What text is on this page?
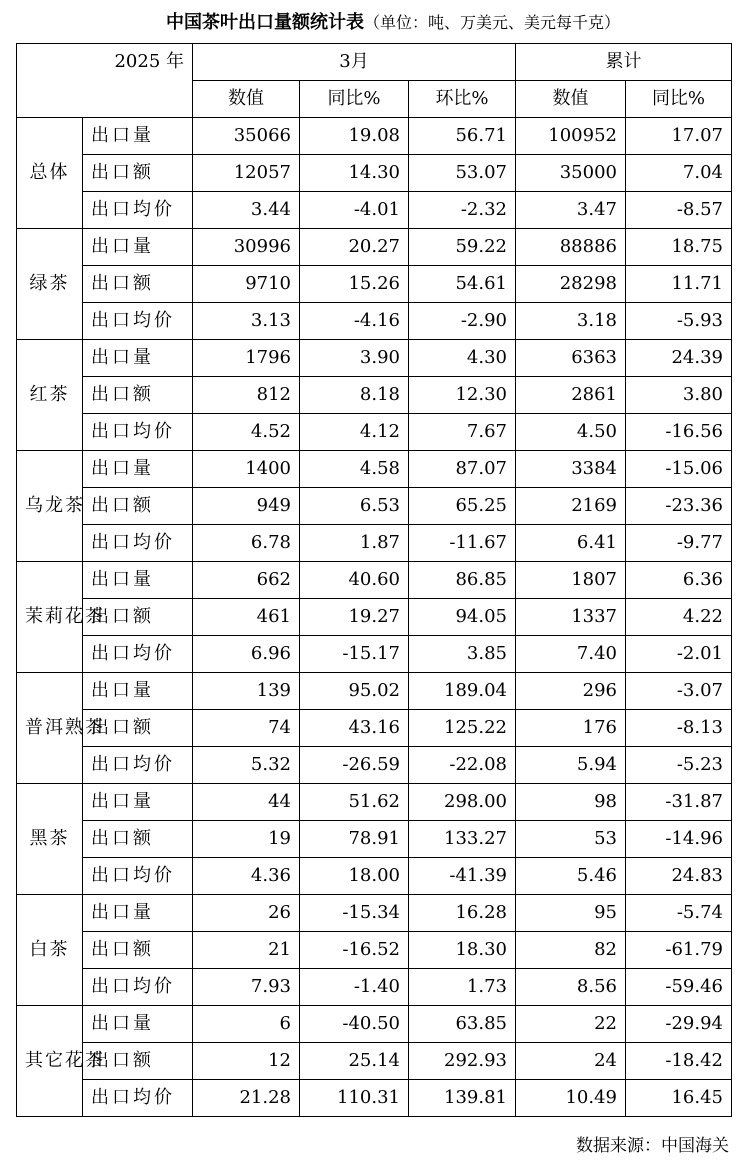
中国茶叶出口量额统计表（单位：吨、万美元、美元每千克）
2025 年		3月			累计	
		数值	同比%	环比%	数值	同比%
总体	出口量	35066	19.08	56.71	100952	17.07
	出口额	12057	14.30	53.07	35000	7.04
	出口均价	3.44	-4.01	-2.32	3.47	-8.57
绿茶	出口量	30996	20.27	59.22	88886	18.75
	出口额	9710	15.26	54.61	28298	11.71
	出口均价	3.13	-4.16	-2.90	3.18	-5.93
红茶	出口量	1796	3.90	4.30	6363	24.39
	出口额	812	8.18	12.30	2861	3.80
	出口均价	4.52	4.12	7.67	4.50	-16.56
乌龙茶	出口量	1400	4.58	87.07	3384	-15.06
	出口额	949	6.53	65.25	2169	-23.36
	出口均价	6.78	1.87	-11.67	6.41	-9.77
茉莉花茶	出口量	662	40.60	86.85	1807	6.36
	出口额	461	19.27	94.05	1337	4.22
	出口均价	6.96	-15.17	3.85	7.40	-2.01
普洱熟茶	出口量	139	95.02	189.04	296	-3.07
	出口额	74	43.16	125.22	176	-8.13
	出口均价	5.32	-26.59	-22.08	5.94	-5.23
黑茶	出口量	44	51.62	298.00	98	-31.87
	出口额	19	78.91	133.27	53	-14.96
	出口均价	4.36	18.00	-41.39	5.46	24.83
白茶	出口量	26	-15.34	16.28	95	-5.74
	出口额	21	-16.52	18.30	82	-61.79
	出口均价	7.93	-1.40	1.73	8.56	-59.46
其它花茶	出口量	6	-40.50	63.85	22	-29.94
	出口额	12	25.14	292.93	24	-18.42
	出口均价	21.28	110.31	139.81	10.49	16.45
数据来源：中国海关
